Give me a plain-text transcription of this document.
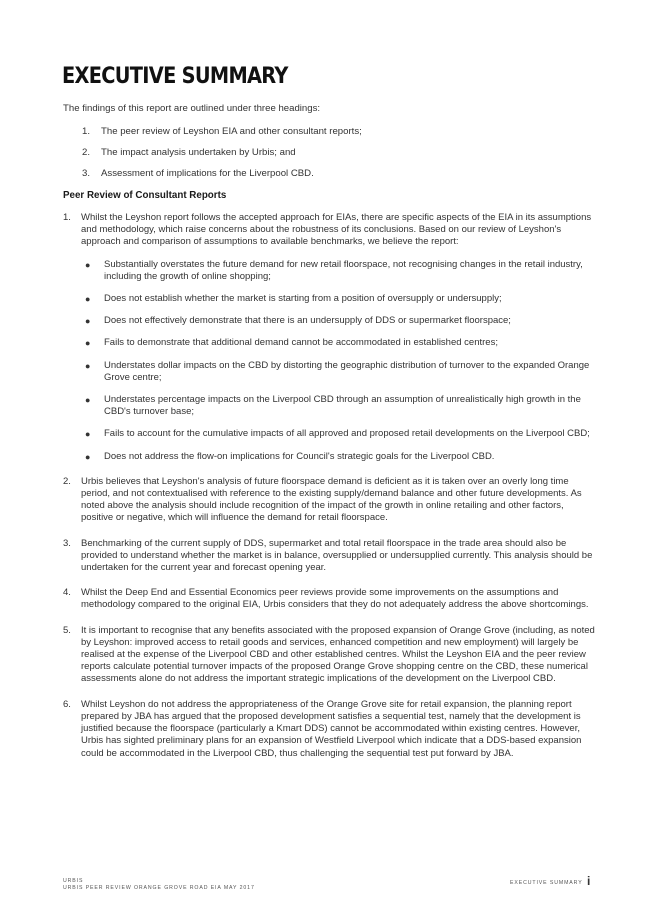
EXECUTIVE SUMMARY

The findings of this report are outlined under three headings:

1.	The peer review of Leyshon EIA and other consultant reports;
2.	The impact analysis undertaken by Urbis; and
3.	Assessment of implications for the Liverpool CBD.
Peer Review of Consultant Reports
1.	Whilst the Leyshon report follows the accepted approach for EIAs, there are specific aspects of the EIA in its assumptions and methodology, which raise concerns about the robustness of its conclusions. Based on our review of Leyshon's approach and comparison of assumptions to available benchmarks, we believe the report:

●	Substantially overstates the future demand for new retail floorspace, not recognising changes in the retail industry, including the growth of online shopping;
●	Does not establish whether the market is starting from a position of oversupply or undersupply;
●	Does not effectively demonstrate that there is an undersupply of DDS or supermarket floorspace;
●	Fails to demonstrate that additional demand cannot be accommodated in established centres;
●	Understates dollar impacts on the CBD by distorting the geographic distribution of turnover to the expanded Orange Grove centre;
●	Understates percentage impacts on the Liverpool CBD through an assumption of unrealistically high growth in the CBD's turnover base;
●	Fails to account for the cumulative impacts of all approved and proposed retail developments on the Liverpool CBD;
●	Does not address the flow-on implications for Council's strategic goals for the Liverpool CBD.
2.	Urbis believes that Leyshon's analysis of future floorspace demand is deficient as it is taken over an overly long time period, and not contextualised with reference to the existing supply/demand balance and other future developments. As noted above the analysis should include recognition of the impact of the growth in online retailing and other factors, positive or negative, which will influence the demand for retail floorspace.

3.	Benchmarking of the current supply of DDS, supermarket and total retail floorspace in the trade area should also be provided to understand whether the market is in balance, oversupplied or undersupplied currently. This analysis should be undertaken for the current year and forecast opening year.

4.	Whilst the Deep End and Essential Economics peer reviews provide some improvements on the assumptions and methodology compared to the original EIA, Urbis considers that they do not adequately address the above shortcomings.

5.	It is important to recognise that any benefits associated with the proposed expansion of Orange Grove (including, as noted by Leyshon: improved access to retail goods and services, enhanced competition and new employment) will largely be realised at the expense of the Liverpool CBD and other established centres. Whilst the Leyshon EIA and the peer review reports calculate potential turnover impacts of the proposed Orange Grove shopping centre on the CBD, these numerical assessments alone do not address the important strategic implications of the development on the Liverpool CBD.

6.	Whilst Leyshon do not address the appropriateness of the Orange Grove site for retail expansion, the planning report prepared by JBA has argued that the proposed development satisfies a sequential test, namely that the development is justified because the floorspace (particularly a Kmart DDS) cannot be accommodated within existing centres. However, Urbis has sighted preliminary plans for an expansion of Westfield Liverpool which indicate that a DDS-based expansion could be accommodated in the Liverpool CBD, thus challenging the sequential test put forward by JBA.

URBIS
URBIS PEER REVIEW ORANGE GROVE ROAD EIA MAY 2017
EXECUTIVE SUMMARY i
